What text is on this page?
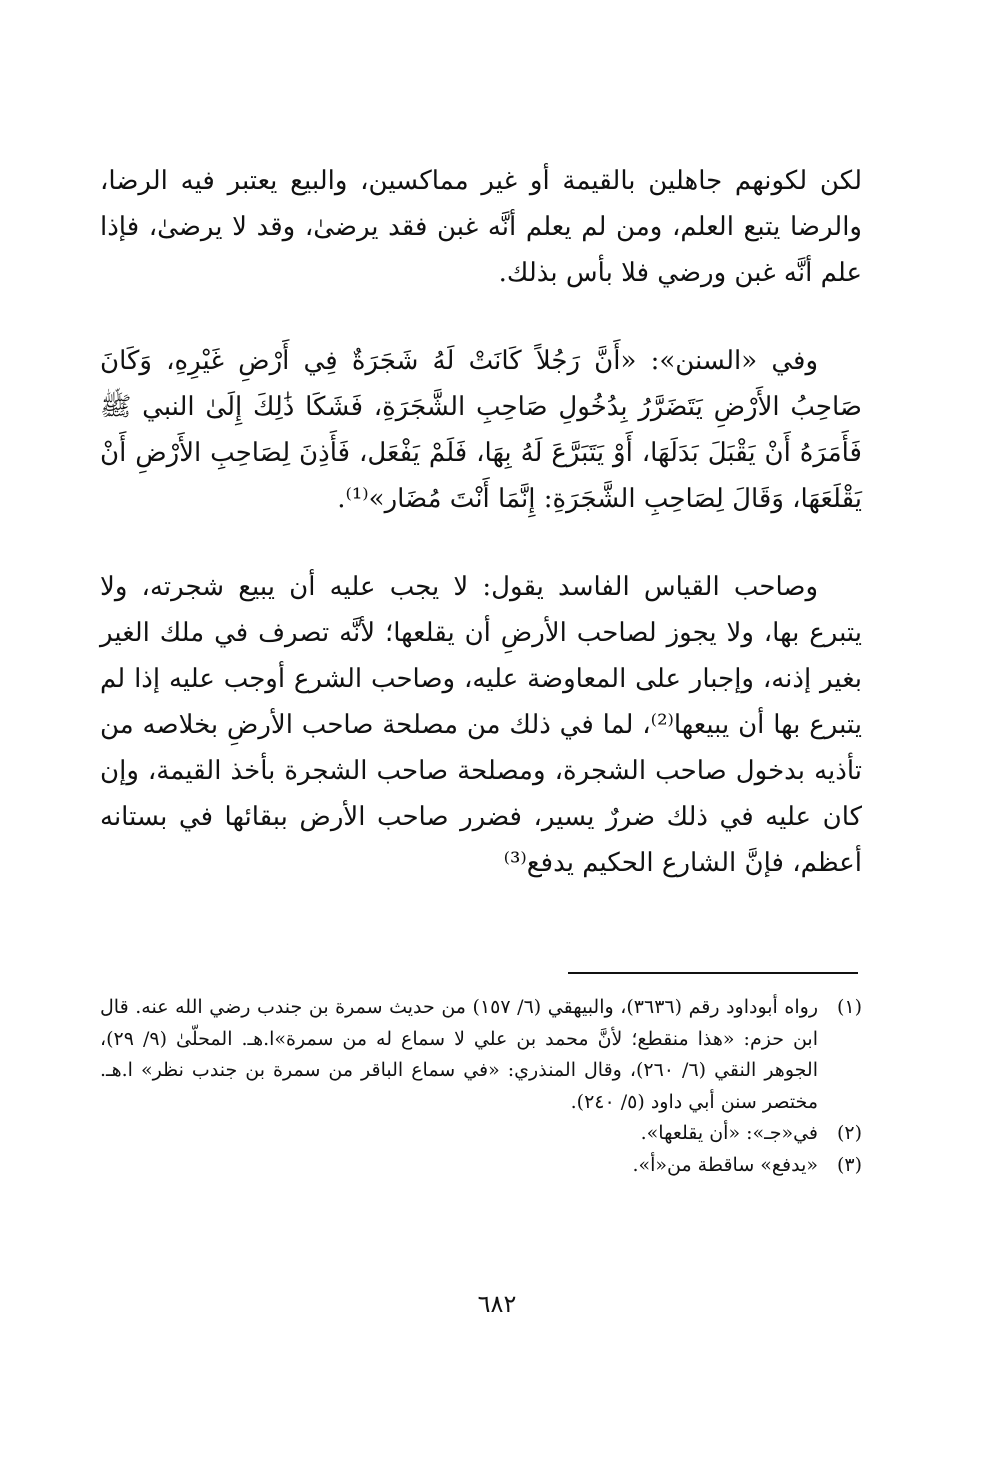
لكن لكونهم جاهلين بالقيمة أو غير مماكسين، والبيع يعتبر فيه الرضا، والرضا يتبع العلم، ومن لم يعلم أنَّه غبن فقد يرضىٰ، وقد لا يرضىٰ، فإذا علم أنَّه غبن ورضي فلا بأس بذلك.

وفي «السنن»: «أَنَّ رَجُلاً كَانَتْ لَهُ شَجَرَةٌ فِي أَرْضِ غَيْرِهِ، وَكَانَ صَاحِبُ الأَرْضِ يَتَضَرَّرُ بِدُخُولِ صَاحِبِ الشَّجَرَةِ، فَشَكَا ذَٰلِكَ إِلَىٰ النبي ﷺ فَأَمَرَهُ أَنْ يَقْبَلَ بَدَلَهَا، أَوْ يَتَبَرَّعَ لَهُ بِهَا، فَلَمْ يَفْعَل، فَأَذِنَ لِصَاحِبِ الأَرْضِ أَنْ يَقْلَعَهَا، وَقَالَ لِصَاحِبِ الشَّجَرَةِ: إِنَّمَا أَنْتَ مُضَار»⁽¹⁾.

وصاحب القياس الفاسد يقول: لا يجب عليه أن يبيع شجرته، ولا يتبرع بها، ولا يجوز لصاحب الأرضِ أن يقلعها؛ لأنَّه تصرف في ملك الغير بغير إذنه، وإجبار على المعاوضة عليه، وصاحب الشرع أوجب عليه إذا لم يتبرع بها أن يبيعها⁽²⁾، لما في ذلك من مصلحة صاحب الأرضِ بخلاصه من تأذيه بدخول صاحب الشجرة، ومصلحة صاحب الشجرة بأخذ القيمة، وإن كان عليه في ذلك ضررٌ يسير، فضرر صاحب الأرض ببقائها في بستانه أعظم، فإنَّ الشارع الحكيم يدفع⁽³⁾

(١)
رواه أبوداود رقم (٣٦٣٦)، والبيهقي (٦/ ١٥٧) من حديث سمرة بن جندب رضي الله عنه. قال ابن حزم: «هذا منقطع؛ لأنَّ محمد بن علي لا سماع له من سمرة»ا.هـ. المحلّىٰ (٩/ ٢٩)، الجوهر النقي (٦/ ٢٦٠)، وقال المنذري: «في سماع الباقر من سمرة بن جندب نظر» ا.هـ. مختصر سنن أبي داود (٥/ ٢٤٠).
(٢)
في«جـ»: «أن يقلعها».
(٣)
«يدفع» ساقطة من«أ».
٦٨٢
